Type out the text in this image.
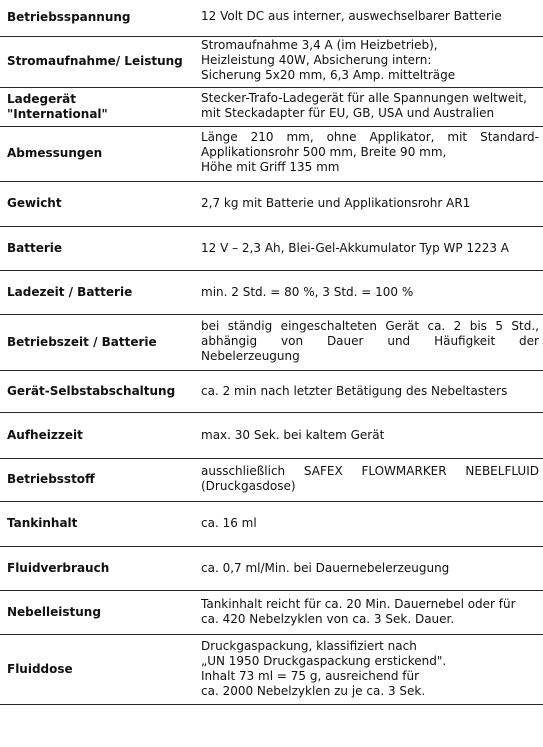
Betriebsspannung	12 Volt DC aus interner, auswechselbarer Batterie

Stromaufnahme/ Leistung	Stromaufnahme 3,4 A (im Heizbetrieb),
Heizleistung 40W, Absicherung intern:
Sicherung 5x20 mm, 6,3 Amp. mittelträge

Ladegerät
"International"	Stecker-Trafo-Ladegerät für alle Spannungen weltweit,
mit Steckadapter für EU, GB, USA und Australien

Abmessungen	Länge 210 mm, ohne Applikator, mit Standard-
Applikationsrohr 500 mm, Breite 90 mm,
Höhe mit Griff 135 mm

Gewicht	2,7 kg mit Batterie und Applikationsrohr AR1

Batterie	12 V – 2,3 Ah, Blei-Gel-Akkumulator Typ WP 1223 A

Ladezeit / Batterie	min. 2 Std. = 80 %, 3 Std. = 100 %

Betriebszeit / Batterie	bei ständig eingeschalteten Gerät ca. 2 bis 5 Std.,
abhängig von Dauer und Häufigkeit der
Nebelerzeugung

Gerät-Selbstabschaltung	ca. 2 min nach letzter Betätigung des Nebeltasters

Aufheizzeit	max. 30 Sek. bei kaltem Gerät

Betriebsstoff	ausschließlich SAFEX FLOWMARKER NEBELFLUID
(Druckgasdose)

Tankinhalt	ca. 16 ml

Fluidverbrauch	ca. 0,7 ml/Min. bei Dauernebelerzeugung

Nebelleistung	Tankinhalt reicht für ca. 20 Min. Dauernebel oder für
ca. 420 Nebelzyklen von ca. 3 Sek. Dauer.

Fluiddose	Druckgaspackung, klassifiziert nach
„UN 1950 Druckgaspackung erstickend".
Inhalt 73 ml = 75 g, ausreichend für
ca. 2000 Nebelzyklen zu je ca. 3 Sek.
